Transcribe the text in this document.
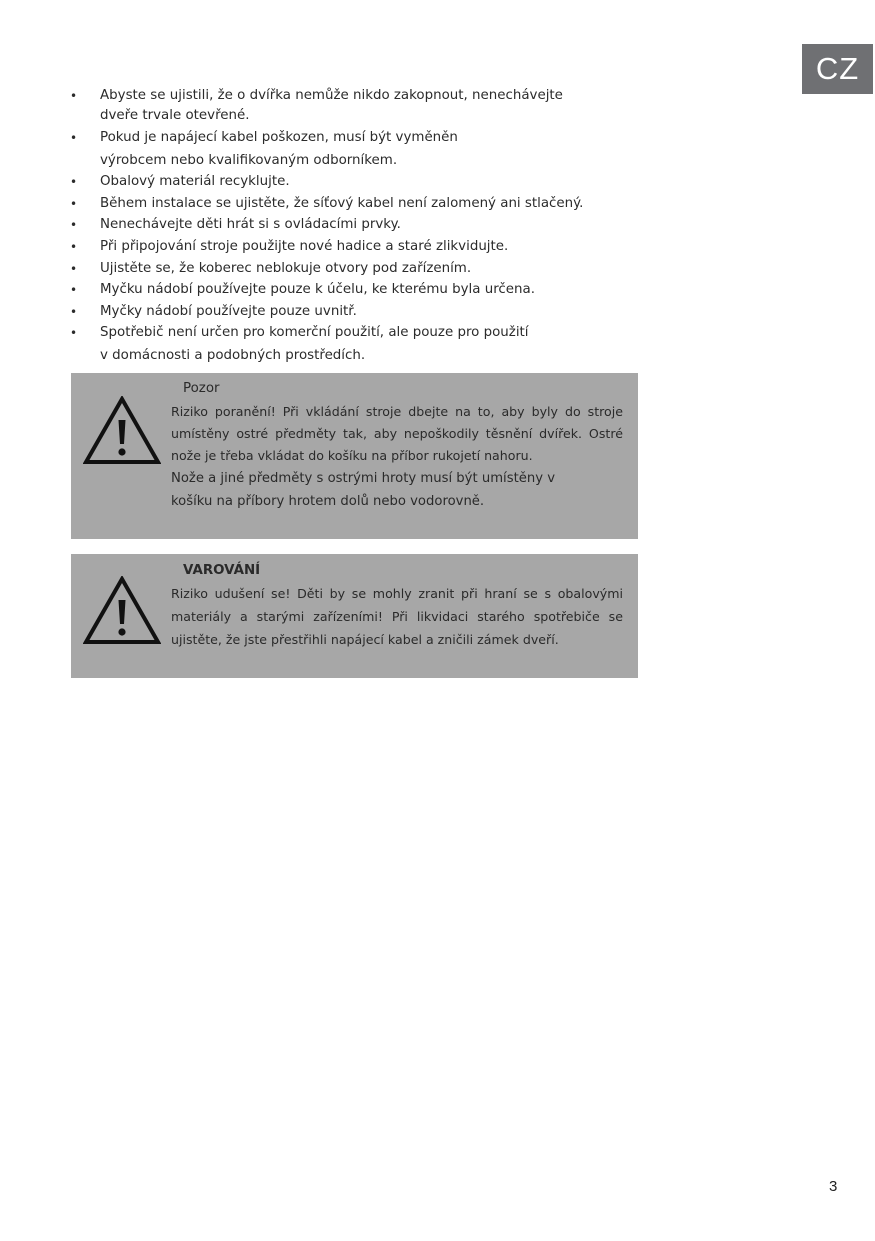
CZ
• Abyste se ujistili, že o dvířka nemůže nikdo zakopnout, nenechávejte
dveře trvale otevřené.
• Pokud je napájecí kabel poškozen, musí být vyměněn
výrobcem nebo kvalifikovaným odborníkem.
• Obalový materiál recyklujte.
• Během instalace se ujistěte, že síťový kabel není zalomený ani stlačený.
• Nenechávejte děti hrát si s ovládacími prvky.
• Při připojování stroje použijte nové hadice a staré zlikvidujte.
• Ujistěte se, že koberec neblokuje otvory pod zařízením.
• Myčku nádobí používejte pouze k účelu, ke kterému byla určena.
• Myčky nádobí používejte pouze uvnitř.
• Spotřebič není určen pro komerční použití, ale pouze pro použití
v domácnosti a podobných prostředích.
Pozor

Riziko poranění! Při vkládání stroje dbejte na to, aby byly do stroje umístěny ostré předměty tak, aby nepoškodily těsnění dvířek. Ostré nože je třeba vkládat do košíku na příbor rukojetí nahoru.

Nože a jiné předměty s ostrými hroty musí být umístěny v

košíku na příbory hrotem dolů nebo vodorovně.

VAROVÁNÍ

Riziko udušení se! Děti by se mohly zranit při hraní se s obalovými materiály a starými zařízeními! Při likvidaci starého spotřebiče se ujistěte, že jste přestřihli napájecí kabel a zničili zámek dveří.

3
